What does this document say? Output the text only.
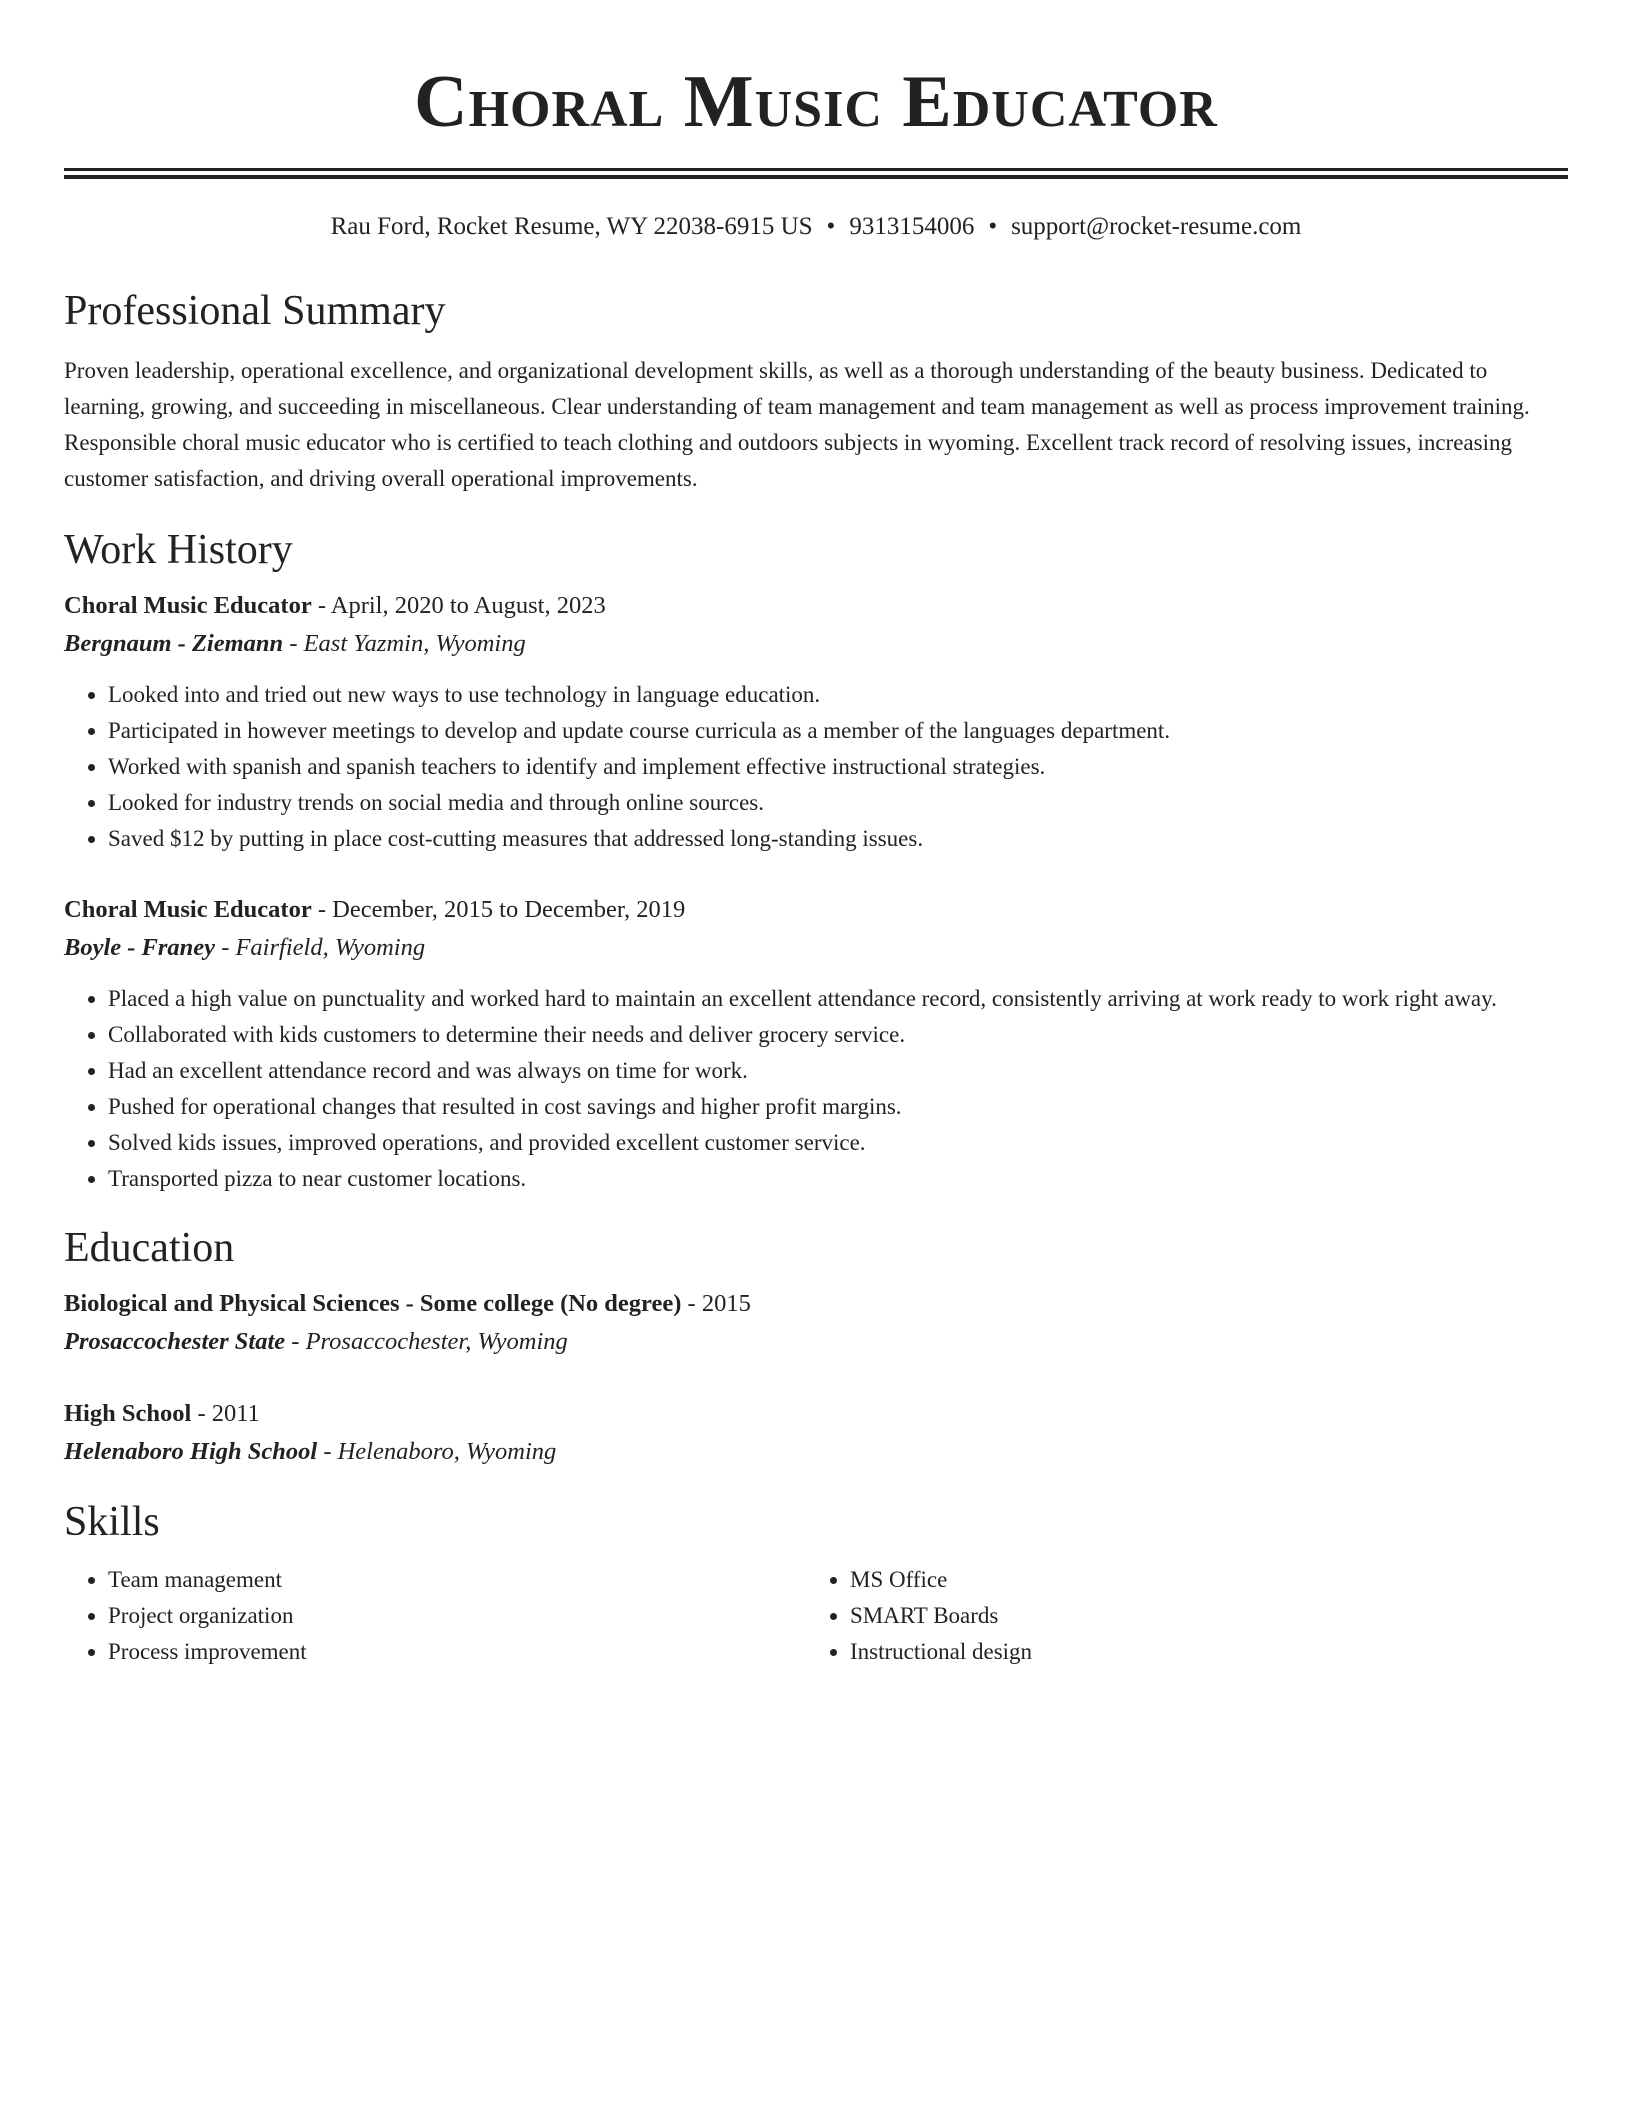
Choral Music Educator
Rau Ford, Rocket Resume, WY 22038-6915 US • 9313154006 • support@rocket-resume.com
Professional Summary

Proven leadership, operational excellence, and organizational development skills, as well as a thorough understanding of the beauty business. Dedicated to learning, growing, and succeeding in miscellaneous. Clear understanding of team management and team management as well as process improvement training. Responsible choral music educator who is certified to teach clothing and outdoors subjects in wyoming. Excellent track record of resolving issues, increasing customer satisfaction, and driving overall operational improvements.

Work History
Choral Music Educator - April, 2020 to August, 2023
Bergnaum - Ziemann - East Yazmin, Wyoming
• Looked into and tried out new ways to use technology in language education.
• Participated in however meetings to develop and update course curricula as a member of the languages department.
• Worked with spanish and spanish teachers to identify and implement effective instructional strategies.
• Looked for industry trends on social media and through online sources.
• Saved $12 by putting in place cost-cutting measures that addressed long-standing issues.
Choral Music Educator - December, 2015 to December, 2019
Boyle - Franey - Fairfield, Wyoming
• Placed a high value on punctuality and worked hard to maintain an excellent attendance record, consistently arriving at work ready to work right away.
• Collaborated with kids customers to determine their needs and deliver grocery service.
• Had an excellent attendance record and was always on time for work.
• Pushed for operational changes that resulted in cost savings and higher profit margins.
• Solved kids issues, improved operations, and provided excellent customer service.
• Transported pizza to near customer locations.
Education
Biological and Physical Sciences - Some college (No degree) - 2015
Prosaccochester State - Prosaccochester, Wyoming
High School - 2011
Helenaboro High School - Helenaboro, Wyoming
Skills
• Team management
• Project organization
• Process improvement
• MS Office
• SMART Boards
• Instructional design
